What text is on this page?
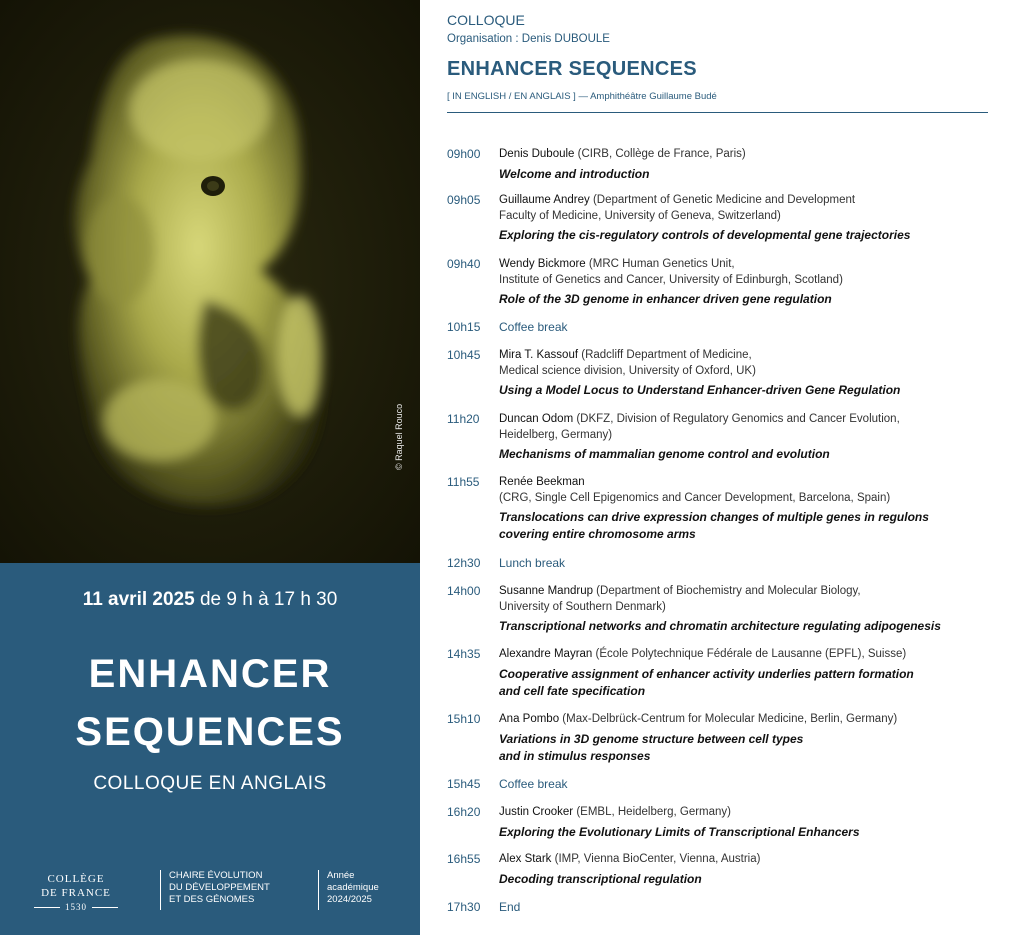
© Raquel Rouco
11 avril 2025 de 9 h à 17 h 30
ENHANCER
SEQUENCES
COLLOQUE EN ANGLAIS
COLLÈGE
DE FRANCE
1530
CHAIRE ÉVOLUTION
DU DÉVELOPPEMENT
ET DES GÉNOMES
Année
académique
2024/2025
COLLOQUE
Organisation : Denis DUBOULE
ENHANCER SEQUENCES
[ IN ENGLISH / EN ANGLAIS ] — Amphithéâtre Guillaume Budé
09h00 Denis Duboule (CIRB, Collège de France, Paris)
Welcome and introduction
09h05 Guillaume Andrey (Department of Genetic Medicine and Development
Faculty of Medicine, University of Geneva, Switzerland)
Exploring the cis-regulatory controls of developmental gene trajectories
09h40 Wendy Bickmore (MRC Human Genetics Unit,
Institute of Genetics and Cancer, University of Edinburgh, Scotland)
Role of the 3D genome in enhancer driven gene regulation
10h15 Coffee break
10h45 Mira T. Kassouf (Radcliff Department of Medicine,
Medical science division, University of Oxford, UK)
Using a Model Locus to Understand Enhancer-driven Gene Regulation
11h20 Duncan Odom (DKFZ, Division of Regulatory Genomics and Cancer Evolution,
Heidelberg, Germany)
Mechanisms of mammalian genome control and evolution
11h55 Renée Beekman
(CRG, Single Cell Epigenomics and Cancer Development, Barcelona, Spain)
Translocations can drive expression changes of multiple genes in regulons
covering entire chromosome arms
12h30 Lunch break
14h00 Susanne Mandrup (Department of Biochemistry and Molecular Biology,
University of Southern Denmark)
Transcriptional networks and chromatin architecture regulating adipogenesis
14h35 Alexandre Mayran (École Polytechnique Fédérale de Lausanne (EPFL), Suisse)
Cooperative assignment of enhancer activity underlies pattern formation
and cell fate specification
15h10 Ana Pombo (Max-Delbrück-Centrum for Molecular Medicine, Berlin, Germany)
Variations in 3D genome structure between cell types
and in stimulus responses
15h45 Coffee break
16h20 Justin Crooker (EMBL, Heidelberg, Germany)
Exploring the Evolutionary Limits of Transcriptional Enhancers
16h55 Alex Stark (IMP, Vienna BioCenter, Vienna, Austria)
Decoding transcriptional regulation
17h30 End
